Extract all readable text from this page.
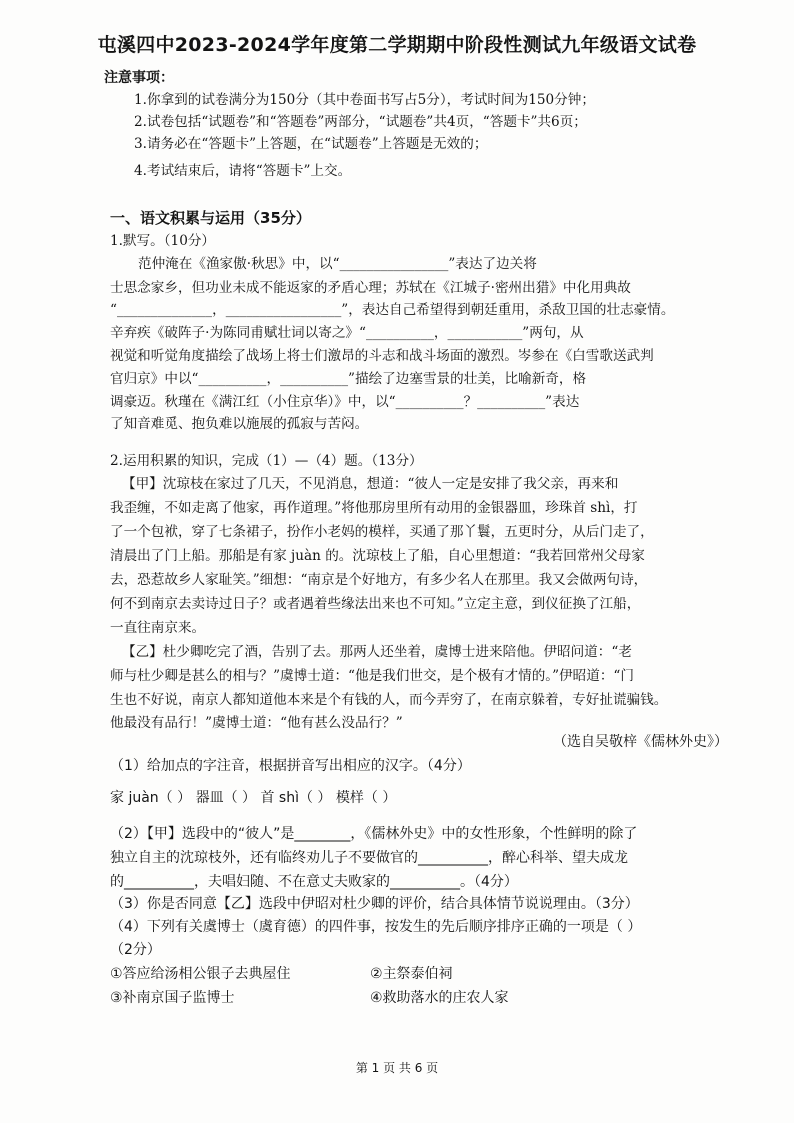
屯溪四中2023-2024学年度第二学期期中阶段性测试九年级语文试卷
注意事项：
1.你拿到的试卷满分为150分（其中卷面书写占5分），考试时间为150分钟；
2.试卷包括“试题卷”和“答题卷”两部分，“试题卷”共4页，“答题卡”共6页；
3.请务必在“答题卡”上答题，在“试题卷”上答题是无效的；
4.考试结束后，请将“答题卡”上交。
一、语文积累与运用（35分）
1.默写。（10分）
范仲淹在《渔家傲·秋思》中，以“________________”表达了边关将
士思念家乡，但功业未成不能返家的矛盾心理；苏轼在《江城子·密州出猎》中化用典故
“______________，_________________”，表达自己希望得到朝廷重用，杀敌卫国的壮志豪情。
辛弃疾《破阵子·为陈同甫赋壮词以寄之》“__________，___________”两句，从
视觉和听觉角度描绘了战场上将士们激昂的斗志和战斗场面的激烈。岑参在《白雪歌送武判
官归京》中以“__________，__________”描绘了边塞雪景的壮美，比喻新奇，格
调豪迈。秋瑾在《满江红（小住京华）》中，以“__________？__________”表达
了知音难觅、抱负难以施展的孤寂与苦闷。
2.运用积累的知识，完成（1）—（4）题。（13分）
【甲】沈琼枝在家过了几天，不见消息，想道：“彼人一定是安排了我父亲，再来和
我歪缠，不如走离了他家，再作道理。”将他那房里所有动用的金银器皿，珍珠首 shì，打
了一个包袱，穿了七条裙子，扮作小老妈的模样，买通了那丫鬟，五更时分，从后门走了，
清晨出了门上船。那船是有家 juàn 的。沈琼枝上了船，自心里想道：“我若回常州父母家
去，恐惹故乡人家耻笑。”细想：“南京是个好地方，有多少名人在那里。我又会做两句诗，
何不到南京去卖诗过日子？或者遇着些缘法出来也不可知。”立定主意，到仪征换了江船，
一直往南京来。
【乙】杜少卿吃完了酒，告别了去。那两人还坐着，虞博士进来陪他。伊昭问道：“老
师与杜少卿是甚么的相与？”虞博士道：“他是我们世交，是个极有才情的。”伊昭道：“门
生也不好说，南京人都知道他本来是个有钱的人，而今弄穷了，在南京躲着，专好扯谎骗钱。
他最没有品行！”虞博士道：“他有甚么没品行？”
（选自吴敬梓《儒林外史》）
（1）给加点的字注音，根据拼音写出相应的汉字。（4分）
家 juàn（ ） 器皿（ ） 首 shì（ ） 模样（ ）
（2）【甲】选段中的“彼人”是________，《儒林外史》中的女性形象，个性鲜明的除了
独立自主的沈琼枝外，还有临终劝儿子不要做官的__________，醉心科举、望夫成龙
的__________，夫唱妇随、不在意丈夫败家的__________。（4分）
（3）你是否同意【乙】选段中伊昭对杜少卿的评价，结合具体情节说说理由。（3分）
（4）下列有关虞博士（虞育德）的四件事，按发生的先后顺序排序正确的一项是（ ）
（2分）
①答应给汤相公银子去典屋住	②主祭泰伯祠
③补南京国子监博士	④救助落水的庄农人家
第 1 页 共 6 页
